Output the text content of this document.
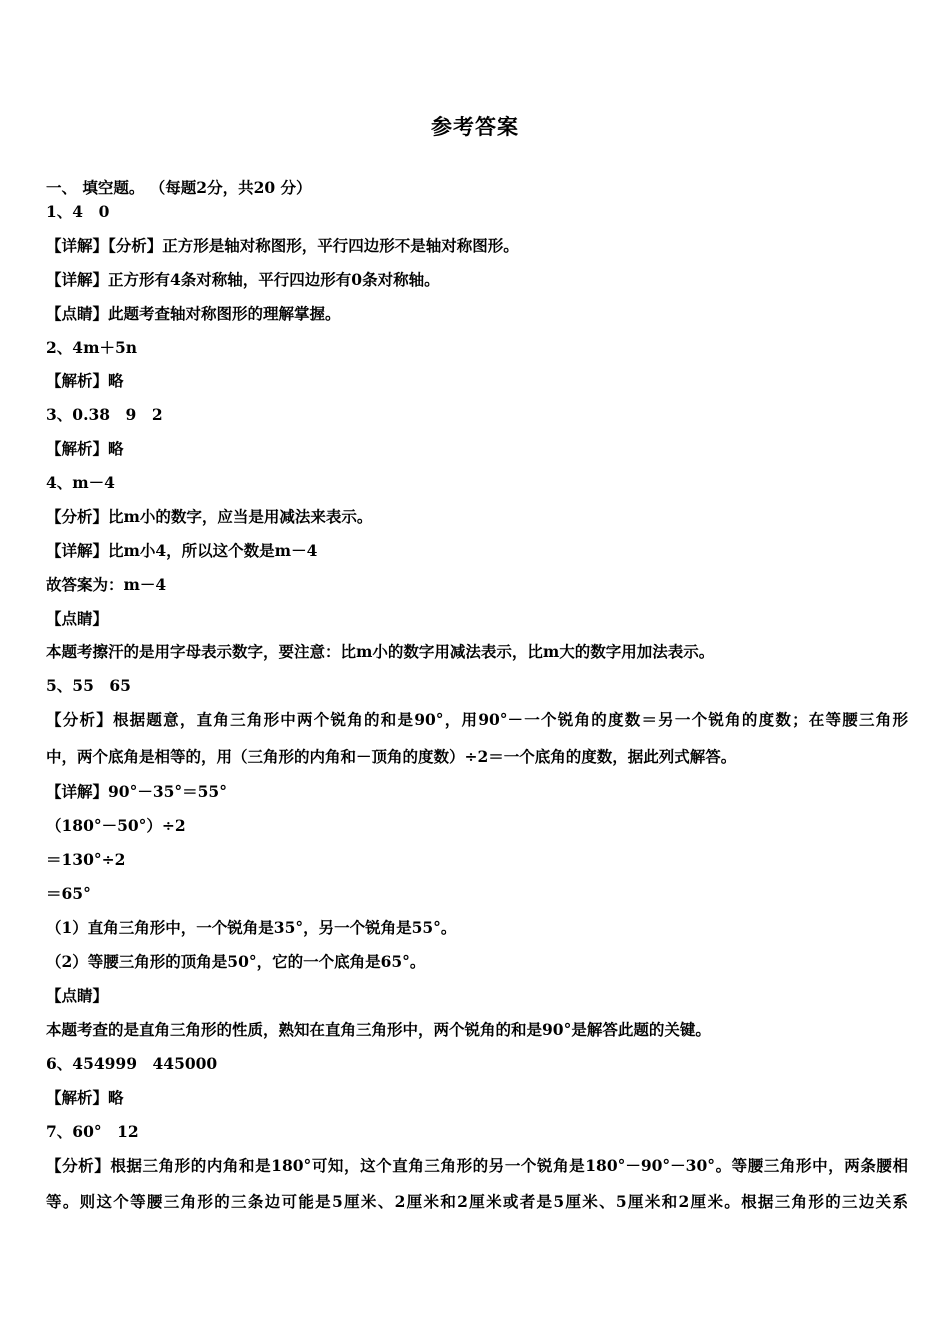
参考答案
一、 填空题。 （每题2分，共20 分）
1、4　0
【详解】【分析】正方形是轴对称图形，平行四边形不是轴对称图形。
【详解】正方形有4条对称轴，平行四边形有0条对称轴。
【点睛】此题考查轴对称图形的理解掌握。
2、4m＋5n
【解析】略
3、0.38　9　2
【解析】略
4、m－4
【分析】比m小的数字，应当是用减法来表示。
【详解】比m小4，所以这个数是m－4
故答案为：m－4
【点睛】
本题考擦汗的是用字母表示数字，要注意：比m小的数字用减法表示，比m大的数字用加法表示。
5、55　65
【分析】根据题意，直角三角形中两个锐角的和是90°，用90°－一个锐角的度数＝另一个锐角的度数；在等腰三角形
中，两个底角是相等的，用（三角形的内角和－顶角的度数）÷2＝一个底角的度数，据此列式解答。
【详解】90°－35°＝55°
（180°－50°）÷2
＝130°÷2
＝65°
（1）直角三角形中，一个锐角是35°，另一个锐角是55°。
（2）等腰三角形的顶角是50°，它的一个底角是65°。
【点睛】
本题考查的是直角三角形的性质，熟知在直角三角形中，两个锐角的和是90°是解答此题的关键。
6、454999　445000
【解析】略
7、60°　12
【分析】根据三角形的内角和是180°可知，这个直角三角形的另一个锐角是180°－90°－30°。等腰三角形中，两条腰相
等。则这个等腰三角形的三条边可能是5厘米、2厘米和2厘米或者是5厘米、5厘米和2厘米。根据三角形的三边关系
